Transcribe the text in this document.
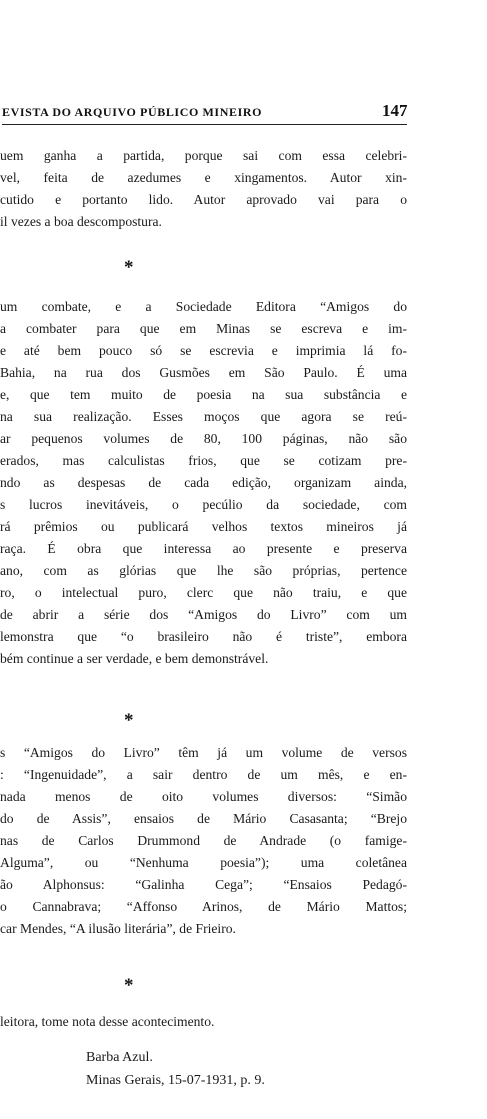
EVISTA DO ARQUIVO PÚBLICO MINEIRO	147
uem ganha a partida, porque sai com essa celebri-
vel, feita de azedumes e xingamentos. Autor xin-
cutido e portanto lido. Autor aprovado vai para o
il vezes a boa descompostura.
*
um combate, e a Sociedade Editora “Amigos do
a combater para que em Minas se escreva e im-
e até bem pouco só se escrevia e imprimia lá fo-
Bahia, na rua dos Gusmões em São Paulo. É uma
e, que tem muito de poesia na sua substância e
na sua realização. Esses moços que agora se reú-
ar pequenos volumes de 80, 100 páginas, não são
erados, mas calculistas frios, que se cotizam pre-
ndo as despesas de cada edição, organizam ainda,
s lucros inevitáveis, o pecúlio da sociedade, com
rá prêmios ou publicará velhos textos mineiros já
raça. É obra que interessa ao presente e preserva
ano, com as glórias que lhe são próprias, pertence
ro, o intelectual puro, clerc que não traiu, e que
de abrir a série dos “Amigos do Livro” com um
lemonstra que “o brasileiro não é triste”, embora
bém continue a ser verdade, e bem demonstrável.
*
s “Amigos do Livro” têm já um volume de versos
: “Ingenuidade”, a sair dentro de um mês, e en-
nada menos de oito volumes diversos: “Simão
do de Assis”, ensaios de Mário Casasanta; “Brejo
nas de Carlos Drummond de Andrade (o famige-
Alguma”, ou “Nenhuma poesia”); uma coletânea
ão Alphonsus: “Galinha Cega”; “Ensaios Pedagó-
o Cannabrava; “Affonso Arinos, de Mário Mattos;
car Mendes, “A ilusão literária”, de Frieiro.
*
leitora, tome nota desse acontecimento.
Barba Azul.
Minas Gerais, 15-07-1931, p. 9.
